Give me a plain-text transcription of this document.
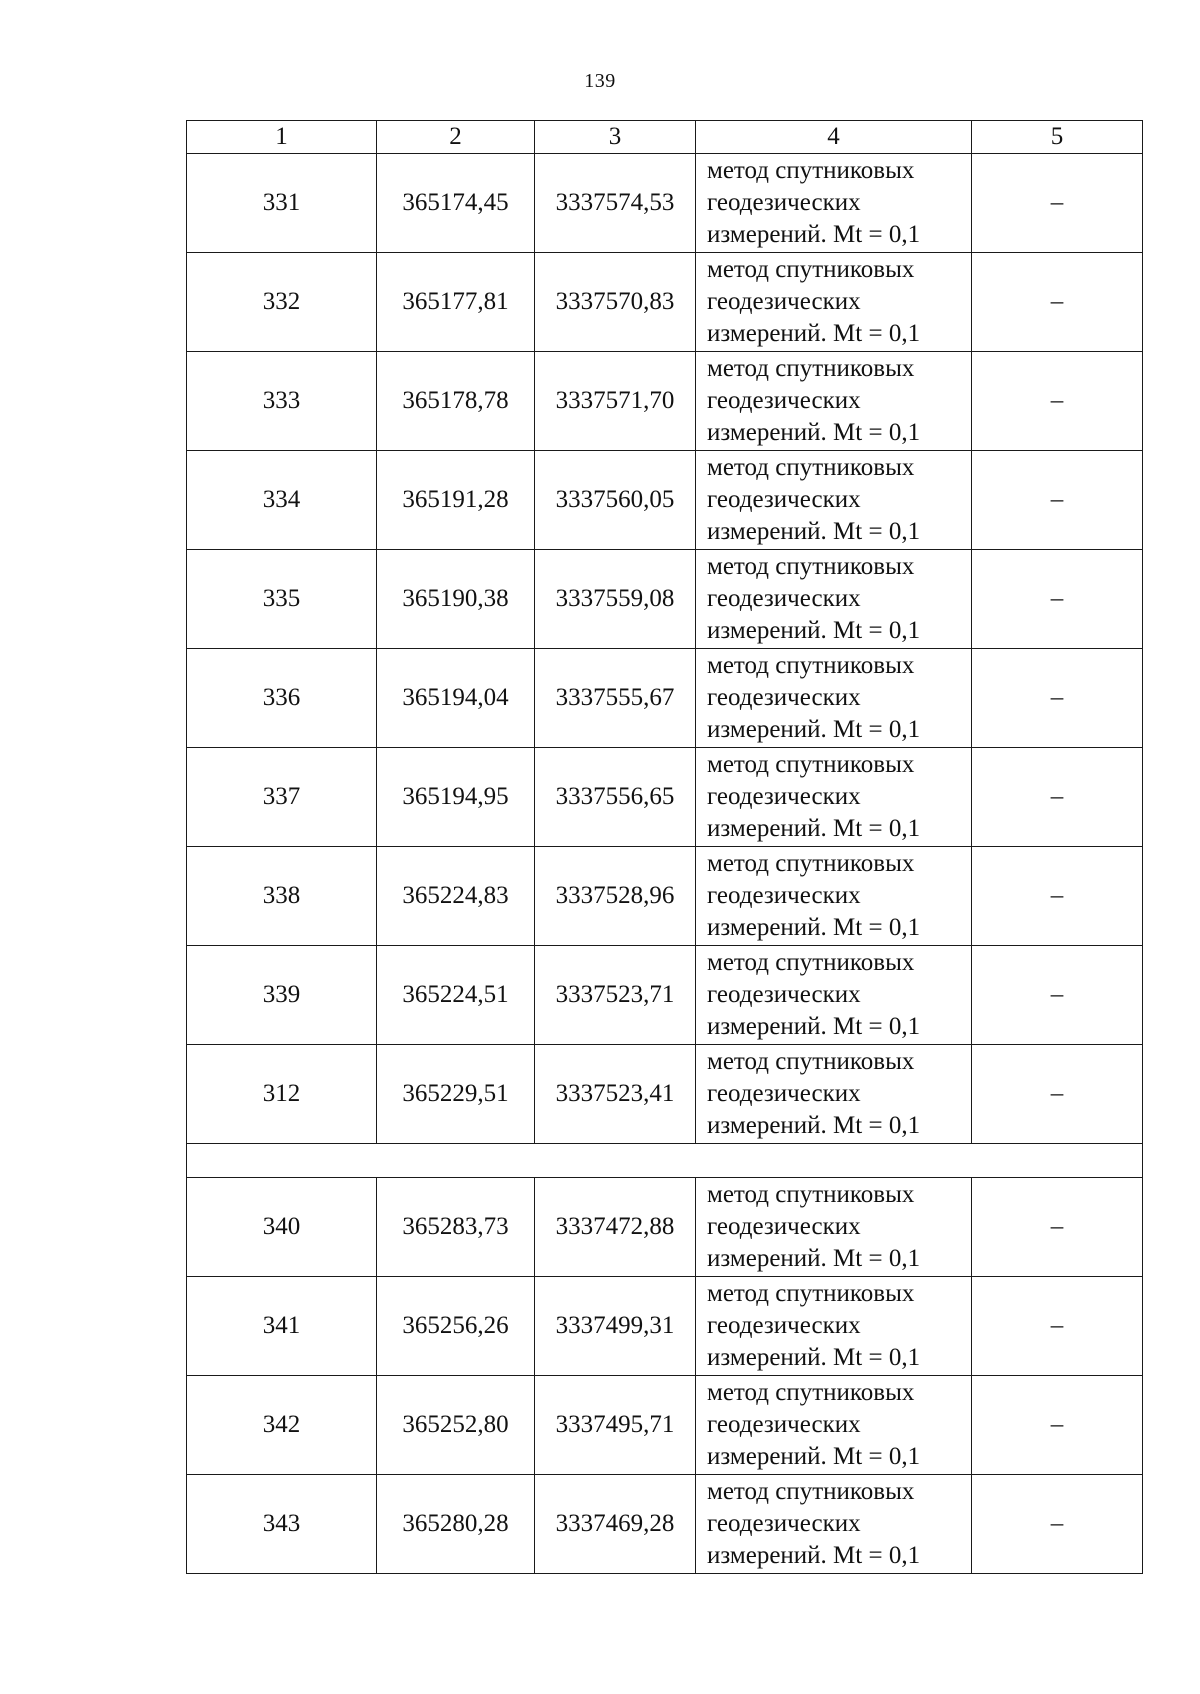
139
1	2	3	4	5
331	365174,45	3337574,53	метод спутниковых
геодезических
измерений. Mt = 0,1	–
332	365177,81	3337570,83	метод спутниковых
геодезических
измерений. Mt = 0,1	–
333	365178,78	3337571,70	метод спутниковых
геодезических
измерений. Mt = 0,1	–
334	365191,28	3337560,05	метод спутниковых
геодезических
измерений. Mt = 0,1	–
335	365190,38	3337559,08	метод спутниковых
геодезических
измерений. Mt = 0,1	–
336	365194,04	3337555,67	метод спутниковых
геодезических
измерений. Mt = 0,1	–
337	365194,95	3337556,65	метод спутниковых
геодезических
измерений. Mt = 0,1	–
338	365224,83	3337528,96	метод спутниковых
геодезических
измерений. Mt = 0,1	–
339	365224,51	3337523,71	метод спутниковых
геодезических
измерений. Mt = 0,1	–
312	365229,51	3337523,41	метод спутниковых
геодезических
измерений. Mt = 0,1	–

340	365283,73	3337472,88	метод спутниковых
геодезических
измерений. Mt = 0,1	–
341	365256,26	3337499,31	метод спутниковых
геодезических
измерений. Mt = 0,1	–
342	365252,80	3337495,71	метод спутниковых
геодезических
измерений. Mt = 0,1	–
343	365280,28	3337469,28	метод спутниковых
геодезических
измерений. Mt = 0,1	–
